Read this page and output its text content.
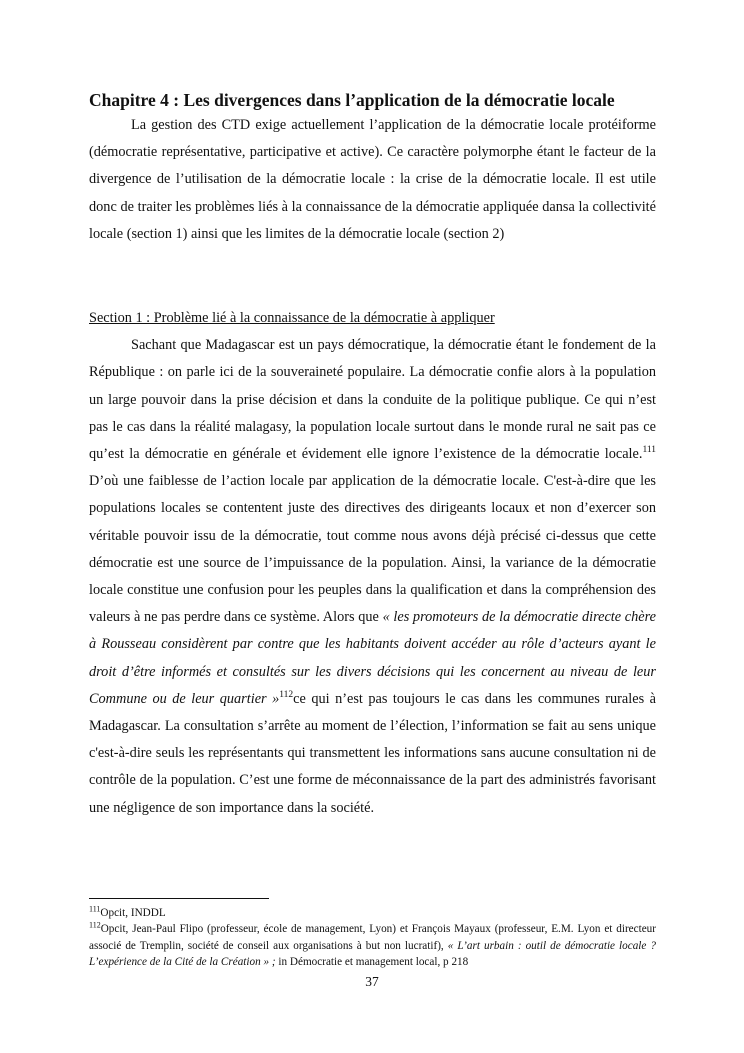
Chapitre 4 : Les divergences dans l’application de la démocratie locale

La gestion des CTD exige actuellement l’application de la démocratie locale protéiforme (démocratie représentative, participative et active). Ce caractère polymorphe étant le facteur de la divergence de l’utilisation de la démocratie locale : la crise de la démocratie locale. Il est utile donc de traiter les problèmes liés à la connaissance de la démocratie appliquée dansa la collectivité locale (section 1) ainsi que les limites de la démocratie locale (section 2)

Section 1 : Problème lié à la connaissance de la démocratie à appliquer

Sachant que Madagascar est un pays démocratique, la démocratie étant le fondement de la République : on parle ici de la souveraineté populaire. La démocratie confie alors à la population un large pouvoir dans la prise décision et dans la conduite de la politique publique. Ce qui n’est pas le cas dans la réalité malagasy, la population locale surtout dans le monde rural ne sait pas ce qu’est la démocratie en générale et évidement elle ignore l’existence de la démocratie locale.$^{111}$ D’où une faiblesse de l’action locale par application de la démocratie locale. C'est-à-dire que les populations locales se contentent juste des directives des dirigeants locaux et non d’exercer son véritable pouvoir issu de la démocratie, tout comme nous avons déjà précisé ci-dessus que cette démocratie est une source de l’impuissance de la population. Ainsi, la variance de la démocratie locale constitue une confusion pour les peuples dans la qualification et dans la compréhension des valeurs à ne pas perdre dans ce système. Alors que « les promoteurs de la démocratie directe chère à Rousseau considèrent par contre que les habitants doivent accéder au rôle d’acteurs ayant le droit d’être informés et consultés sur les divers décisions qui les concernent au niveau de leur Commune ou de leur quartier »$^{112}$ce qui n’est pas toujours le cas dans les communes rurales à Madagascar. La consultation s’arrête au moment de l’élection, l’information se fait au sens unique c'est-à-dire seuls les représentants qui transmettent les informations sans aucune consultation ni de contrôle de la population. C’est une forme de méconnaissance de la part des administrés favorisant une négligence de son importance dans la société.

$^{111}$Opcit, INDDL

$^{112}$Opcit, Jean-Paul Flipo (professeur, école de management, Lyon) et François Mayaux (professeur, E.M. Lyon et directeur associé de Tremplin, société de conseil aux organisations à but non lucratif), « L’art urbain : outil de démocratie locale ? L’expérience de la Cité de la Création » ; in Démocratie et management local, p 218

37
